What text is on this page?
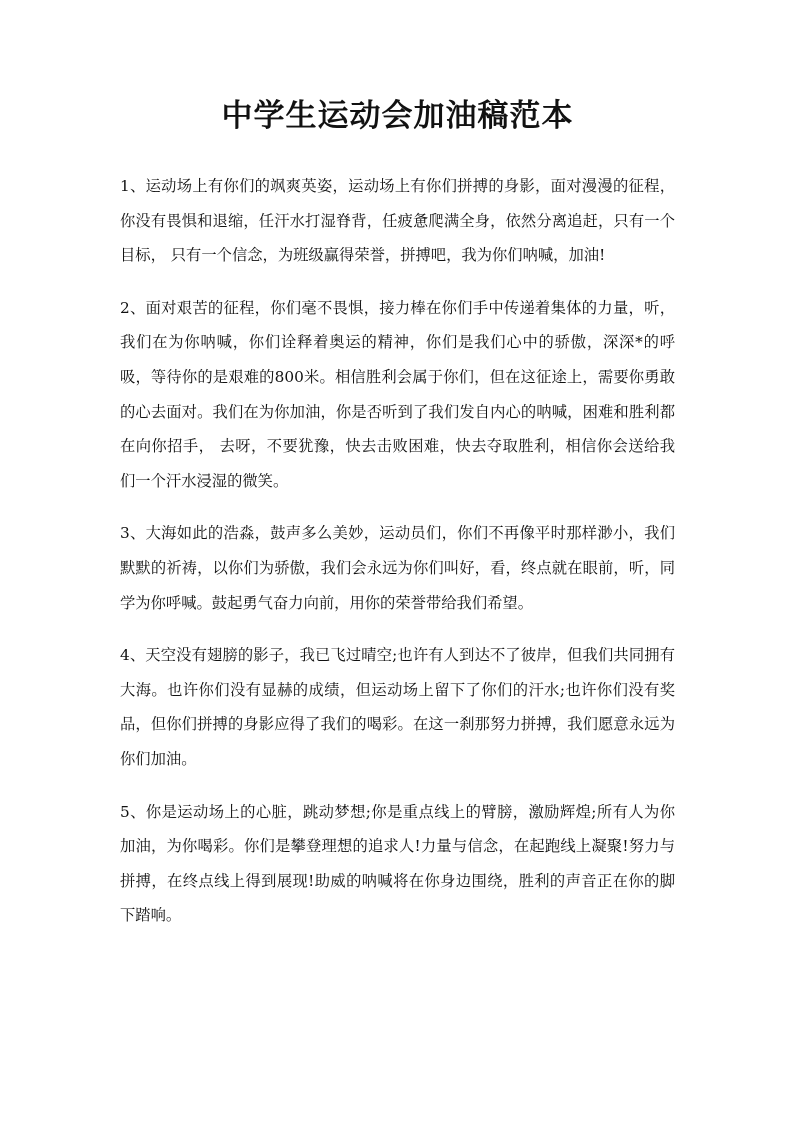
中学生运动会加油稿范本

1、运动场上有你们的飒爽英姿，运动场上有你们拼搏的身影，面对漫漫的征程，你没有畏惧和退缩，任汗水打湿脊背，任疲惫爬满全身，依然分离追赶，只有一个目标， 只有一个信念，为班级赢得荣誉，拼搏吧，我为你们呐喊，加油!

2、面对艰苦的征程，你们毫不畏惧，接力棒在你们手中传递着集体的力量，听，我们在为你呐喊，你们诠释着奥运的精神，你们是我们心中的骄傲，深深*的呼吸，等待你的是艰难的800米。相信胜利会属于你们，但在这征途上，需要你勇敢的心去面对。我们在为你加油，你是否听到了我们发自内心的呐喊，困难和胜利都在向你招手， 去呀，不要犹豫，快去击败困难，快去夺取胜利，相信你会送给我们一个汗水浸湿的微笑。

3、大海如此的浩淼，鼓声多么美妙，运动员们，你们不再像平时那样渺小，我们默默的祈祷，以你们为骄傲，我们会永远为你们叫好，看，终点就在眼前，听，同学为你呼喊。鼓起勇气奋力向前，用你的荣誉带给我们希望。

4、天空没有翅膀的影子，我已飞过晴空;也许有人到达不了彼岸，但我们共同拥有大海。也许你们没有显赫的成绩，但运动场上留下了你们的汗水;也许你们没有奖品，但你们拼搏的身影应得了我们的喝彩。在这一刹那努力拼搏，我们愿意永远为你们加油。

5、你是运动场上的心脏，跳动梦想;你是重点线上的臂膀，激励辉煌;所有人为你加油，为你喝彩。你们是攀登理想的追求人!力量与信念，在起跑线上凝聚!努力与拼搏，在终点线上得到展现!助威的呐喊将在你身边围绕，胜利的声音正在你的脚下踏响。
